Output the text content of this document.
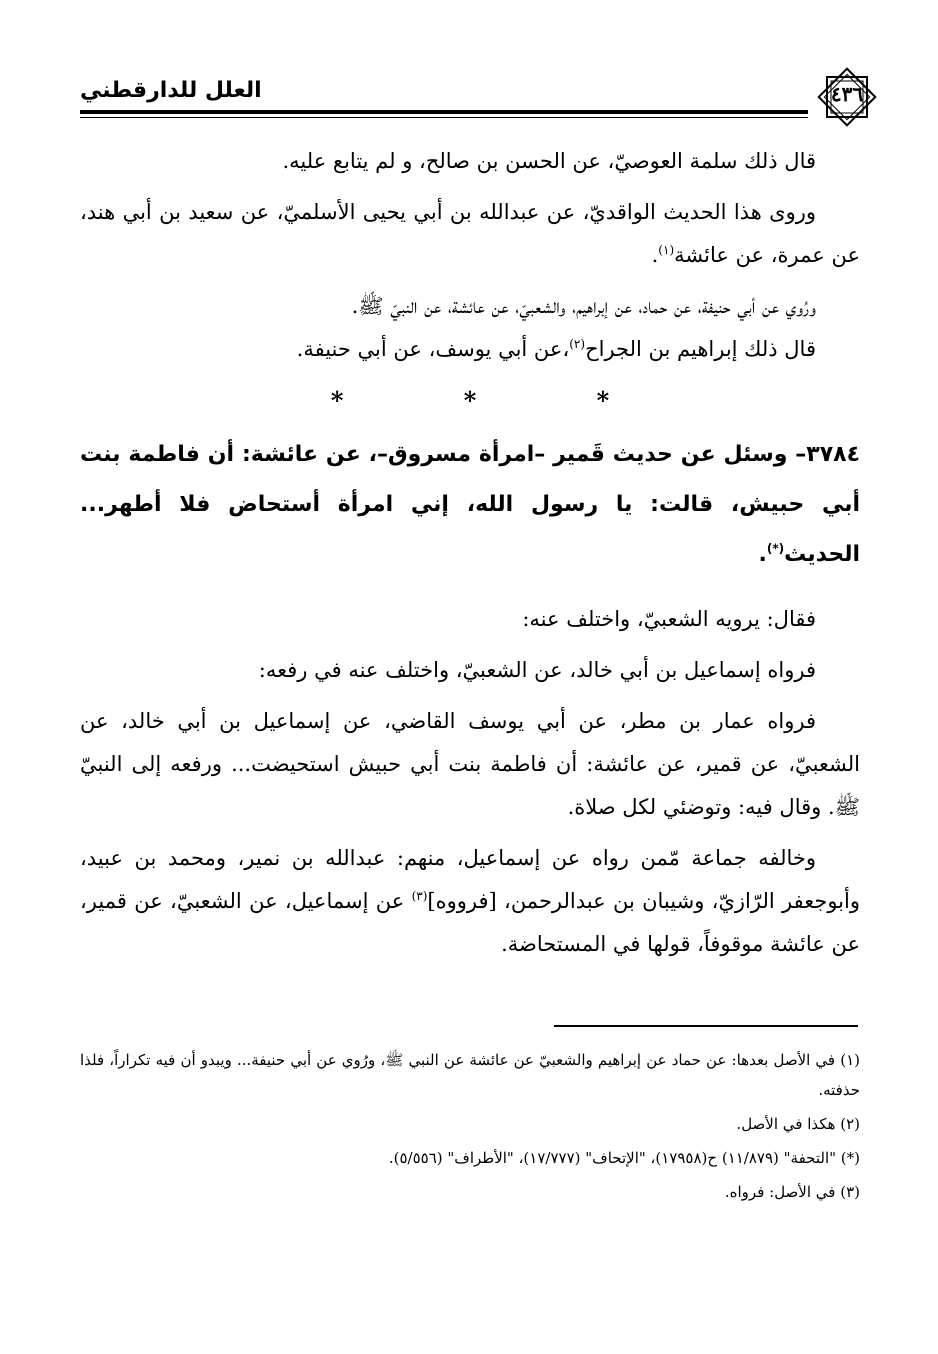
العلل للدارقطني	٤٣٦

قال ذلك سلمة العوصيّ، عن الحسن بن صالح، و لم يتابع عليه.

وروى هذا الحديث الواقديّ، عن عبدالله بن أبي يحيى الأسلميّ، عن سعيد بن أبي هند، عن عمرة، عن عائشة$^{(١)}$.

ورُوي عن أبي حنيفة، عن حماد، عن إبراهيم، والشعبيّ، عن عائشة، عن النبيّ ﷺ.

قال ذلك إبراهيم بن الجراح$^{(٢)}$،عن أبي يوسف، عن أبي حنيفة.

* * *

٣٧٨٤– وسئل عن حديث قَمير –امرأة مسروق–، عن عائشة: أن فاطمة بنت أبي حبيش، قالت: يا رسول الله، إني امرأة أستحاض فلا أطهر... الحديث(*).

فقال: يرويه الشعبيّ، واختلف عنه:

فرواه إسماعيل بن أبي خالد، عن الشعبيّ، واختلف عنه في رفعه:

فرواه عمار بن مطر، عن أبي يوسف القاضي، عن إسماعيل بن أبي خالد، عن الشعبيّ، عن قمير، عن عائشة: أن فاطمة بنت أبي حبيش استحيضت... ورفعه إلى النبيّ ﷺ. وقال فيه: وتوضئي لكل صلاة.

وخالفه جماعة مّمن رواه عن إسماعيل، منهم: عبدالله بن نمير، ومحمد بن عبيد، وأبوجعفر الرّازيّ، وشيبان بن عبدالرحمن، [فرووه]$^{(٣)}$ عن إسماعيل، عن الشعبيّ، عن قمير، عن عائشة موقوفاً، قولها في المستحاضة.

(١) في الأصل بعدها: عن حماد عن إبراهيم والشعبيّ عن عائشة عن النبي ﷺ، ورُوي عن أبي حنيفة... ويبدو أن فيه تكراراً، فلذا حذفته.

(٢) هكذا في الأصل.

(*) "التحفة" (١١/٨٧٩) ح(١٧٩٥٨)، "الإتحاف" (١٧/٧٧٧)، "الأطراف" (٥/٥٥٦).

(٣) في الأصل: فرواه.
